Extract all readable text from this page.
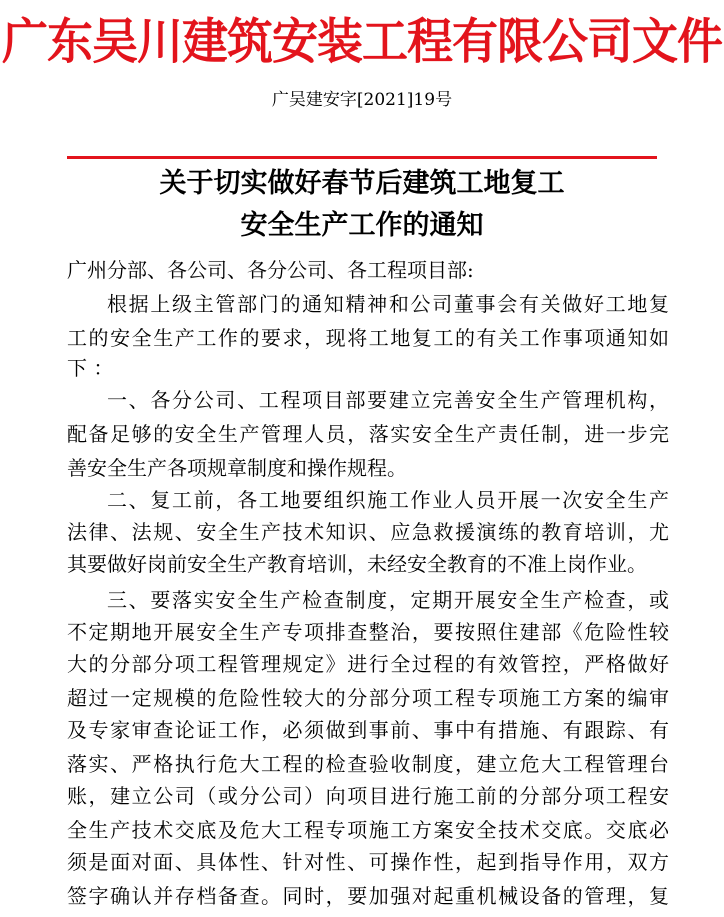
广东吴川建筑安装工程有限公司文件
广吴建安字[2021]19号
关于切实做好春节后建筑工地复工
安全生产工作的通知
广州分部、各公司、各分公司、各工程项目部:
根据上级主管部门的通知精神和公司董事会有关做好工地复
工的安全生产工作的要求，现将工地复工的有关工作事项通知如
下 ：
一、各分公司、工程项目部要建立完善安全生产管理机构，
配备足够的安全生产管理人员，落实安全生产责任制，进一步完
善安全生产各项规章制度和操作规程。
二、复工前，各工地要组织施工作业人员开展一次安全生产
法律、法规、安全生产技术知识、应急救援演练的教育培训，尤
其要做好岗前安全生产教育培训，未经安全教育的不准上岗作业。
三、要落实安全生产检查制度，定期开展安全生产检查，或
不定期地开展安全生产专项排查整治，要按照住建部《危险性较
大的分部分项工程管理规定》进行全过程的有效管控，严格做好
超过一定规模的危险性较大的分部分项工程专项施工方案的编审
及专家审查论证工作，必须做到事前、事中有措施、有跟踪、有
落实、严格执行危大工程的检查验收制度，建立危大工程管理台
账，建立公司（或分公司）向项目进行施工前的分部分项工程安
全生产技术交底及危大工程专项施工方案安全技术交底。交底必
须是面对面、具体性、针对性、可操作性，起到指导作用，双方
签字确认并存档备查。同时，要加强对起重机械设备的管理，复
